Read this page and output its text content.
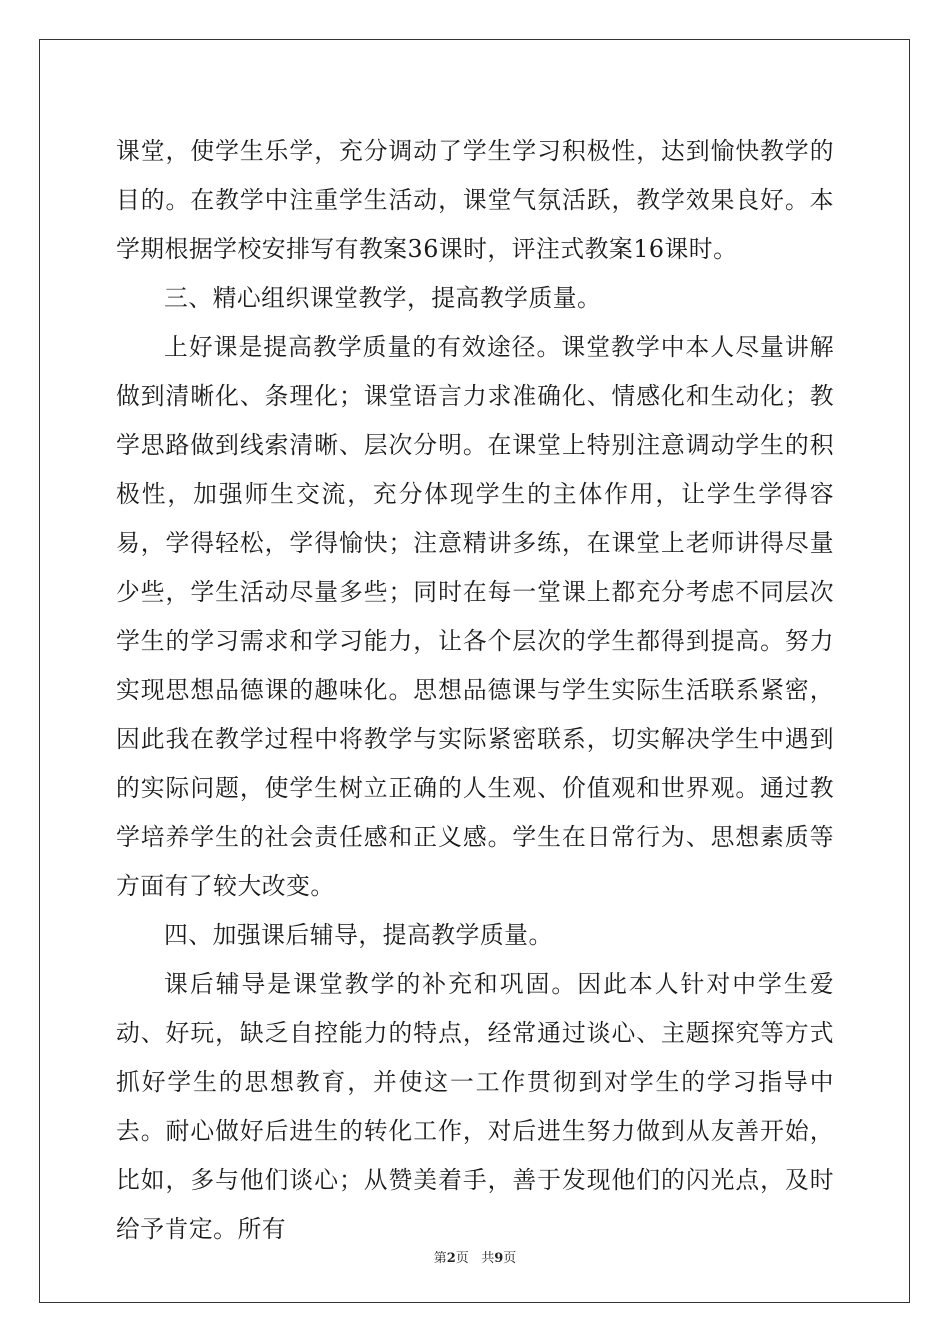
课堂，使学生乐学，充分调动了学生学习积极性，达到愉快教学的目的。在教学中注重学生活动，课堂气氛活跃，教学效果良好。本学期根据学校安排写有教案36课时，评注式教案16课时。

三、精心组织课堂教学，提高教学质量。

上好课是提高教学质量的有效途径。课堂教学中本人尽量讲解做到清晰化、条理化；课堂语言力求准确化、情感化和生动化；教学思路做到线索清晰、层次分明。在课堂上特别注意调动学生的积极性，加强师生交流，充分体现学生的主体作用，让学生学得容易，学得轻松，学得愉快；注意精讲多练，在课堂上老师讲得尽量少些，学生活动尽量多些；同时在每一堂课上都充分考虑不同层次学生的学习需求和学习能力，让各个层次的学生都得到提高。努力实现思想品德课的趣味化。思想品德课与学生实际生活联系紧密，因此我在教学过程中将教学与实际紧密联系，切实解决学生中遇到的实际问题，使学生树立正确的人生观、价值观和世界观。通过教学培养学生的社会责任感和正义感。学生在日常行为、思想素质等方面有了较大改变。

四、加强课后辅导，提高教学质量。

课后辅导是课堂教学的补充和巩固。因此本人针对中学生爱动、好玩，缺乏自控能力的特点，经常通过谈心、主题探究等方式抓好学生的思想教育，并使这一工作贯彻到对学生的学习指导中去。耐心做好后进生的转化工作，对后进生努力做到从友善开始，比如，多与他们谈心；从赞美着手，善于发现他们的闪光点，及时给予肯定。所有

第2页 共9页
